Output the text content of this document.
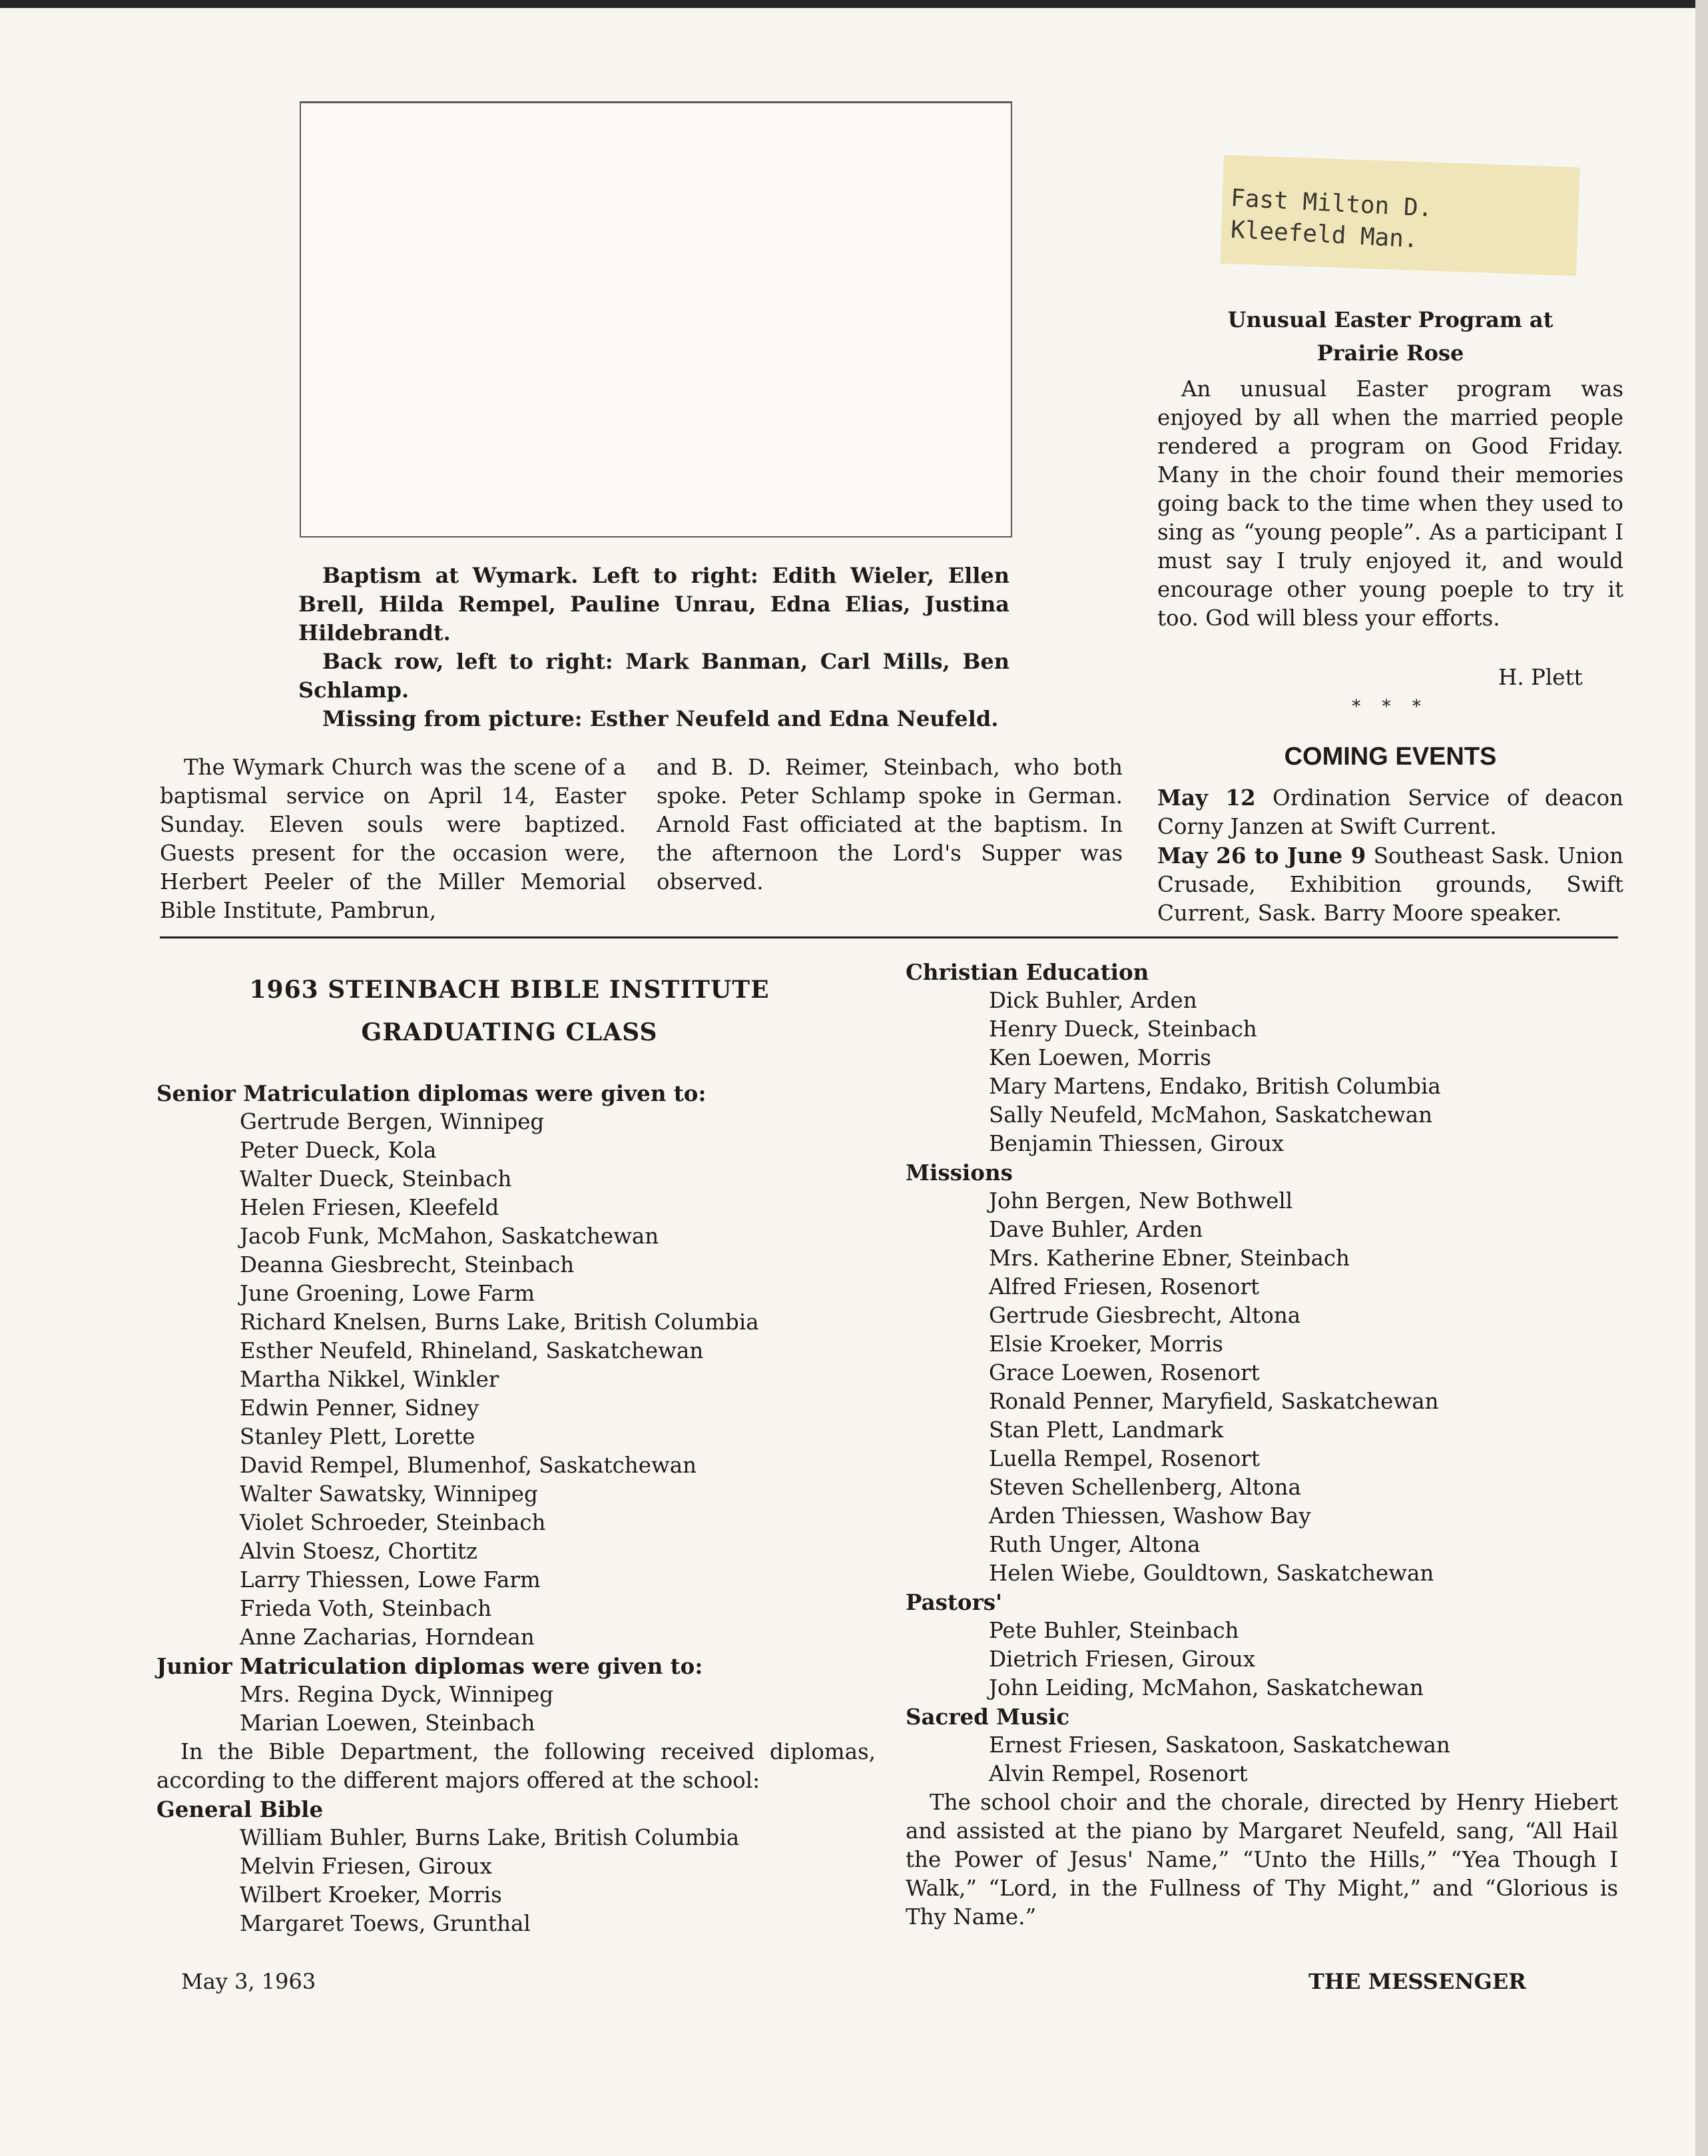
Baptism at Wymark. Left to right: Edith Wieler, Ellen Brell, Hilda Rempel, Pauline Unrau, Edna Elias, Justina Hildebrandt.

Back row, left to right: Mark Banman, Carl Mills, Ben Schlamp.

Missing from picture: Esther Neufeld and Edna Neufeld.

The Wymark Church was the scene of a baptismal service on April 14, Easter Sunday. Eleven souls were baptized. Guests present for the occasion were, Herbert Peeler of the Miller Memorial Bible Institute, Pambrun,

and B. D. Reimer, Steinbach, who both spoke. Peter Schlamp spoke in German. Arnold Fast officiated at the baptism. In the afternoon the Lord's Supper was observed.

Fast Milton D.
Kleefeld Man.
Unusual Easter Program at
Prairie Rose

An unusual Easter program was enjoyed by all when the married people rendered a program on Good Friday. Many in the choir found their memories going back to the time when they used to sing as “young people”. As a participant I must say I truly enjoyed it, and would encourage other young poeple to try it too. God will bless your efforts.

H. Plett
* * *
COMING EVENTS

May 12 Ordination Service of deacon Corny Janzen at Swift Current.

May 26 to June 9 Southeast Sask. Union Crusade, Exhibition grounds, Swift Current, Sask. Barry Moore speaker.

1963 STEINBACH BIBLE INSTITUTE
GRADUATING CLASS
Senior Matriculation diplomas were given to:
Gertrude Bergen, Winnipeg
Peter Dueck, Kola
Walter Dueck, Steinbach
Helen Friesen, Kleefeld
Jacob Funk, McMahon, Saskatchewan
Deanna Giesbrecht, Steinbach
June Groening, Lowe Farm
Richard Knelsen, Burns Lake, British Columbia
Esther Neufeld, Rhineland, Saskatchewan
Martha Nikkel, Winkler
Edwin Penner, Sidney
Stanley Plett, Lorette
David Rempel, Blumenhof, Saskatchewan
Walter Sawatsky, Winnipeg
Violet Schroeder, Steinbach
Alvin Stoesz, Chortitz
Larry Thiessen, Lowe Farm
Frieda Voth, Steinbach
Anne Zacharias, Horndean
Junior Matriculation diplomas were given to:
Mrs. Regina Dyck, Winnipeg
Marian Loewen, Steinbach
In the Bible Department, the following received diplomas, according to the different majors offered at the school:
General Bible
William Buhler, Burns Lake, British Columbia
Melvin Friesen, Giroux
Wilbert Kroeker, Morris
Margaret Toews, Grunthal
Christian Education
Dick Buhler, Arden
Henry Dueck, Steinbach
Ken Loewen, Morris
Mary Martens, Endako, British Columbia
Sally Neufeld, McMahon, Saskatchewan
Benjamin Thiessen, Giroux
Missions
John Bergen, New Bothwell
Dave Buhler, Arden
Mrs. Katherine Ebner, Steinbach
Alfred Friesen, Rosenort
Gertrude Giesbrecht, Altona
Elsie Kroeker, Morris
Grace Loewen, Rosenort
Ronald Penner, Maryfield, Saskatchewan
Stan Plett, Landmark
Luella Rempel, Rosenort
Steven Schellenberg, Altona
Arden Thiessen, Washow Bay
Ruth Unger, Altona
Helen Wiebe, Gouldtown, Saskatchewan
Pastors'
Pete Buhler, Steinbach
Dietrich Friesen, Giroux
John Leiding, McMahon, Saskatchewan
Sacred Music
Ernest Friesen, Saskatoon, Saskatchewan
Alvin Rempel, Rosenort
The school choir and the chorale, directed by Henry Hiebert and assisted at the piano by Margaret Neufeld, sang, “All Hail the Power of Jesus' Name,” “Unto the Hills,” “Yea Though I Walk,” “Lord, in the Fullness of Thy Might,” and “Glorious is Thy Name.”
May 3, 1963	THE MESSENGER
